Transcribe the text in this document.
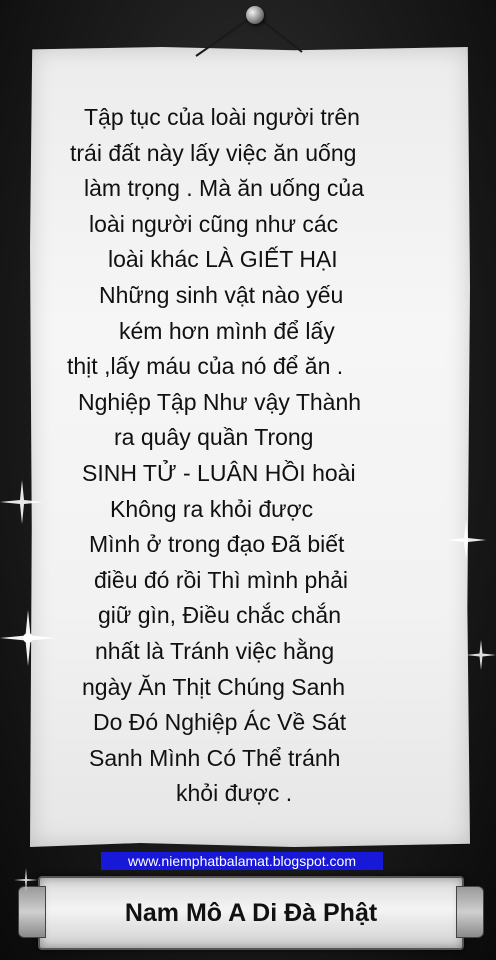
Tập tục của loài người trên
trái đất này lấy việc ăn uống
làm trọng . Mà ăn uống của
loài người cũng như các
loài khác LÀ GIẾT HẠI
Những sinh vật nào yếu
kém hơn mình để lấy
thịt ,lấy máu của nó để ăn .
Nghiệp Tập Như vậy Thành
ra quây quần Trong
SINH TỬ - LUÂN HỒI hoài
Không ra khỏi được
Mình ở trong đạo Đã biết
điều đó rồi Thì mình phải
giữ gìn, Điều chắc chắn
nhất là Tránh việc hằng
ngày Ăn Thịt Chúng Sanh
Do Đó Nghiệp Ác Về Sát
Sanh Mình Có Thể tránh
khỏi được .
www.niemphatbalamat.blogspot.com
Nam Mô A Di Đà Phật
